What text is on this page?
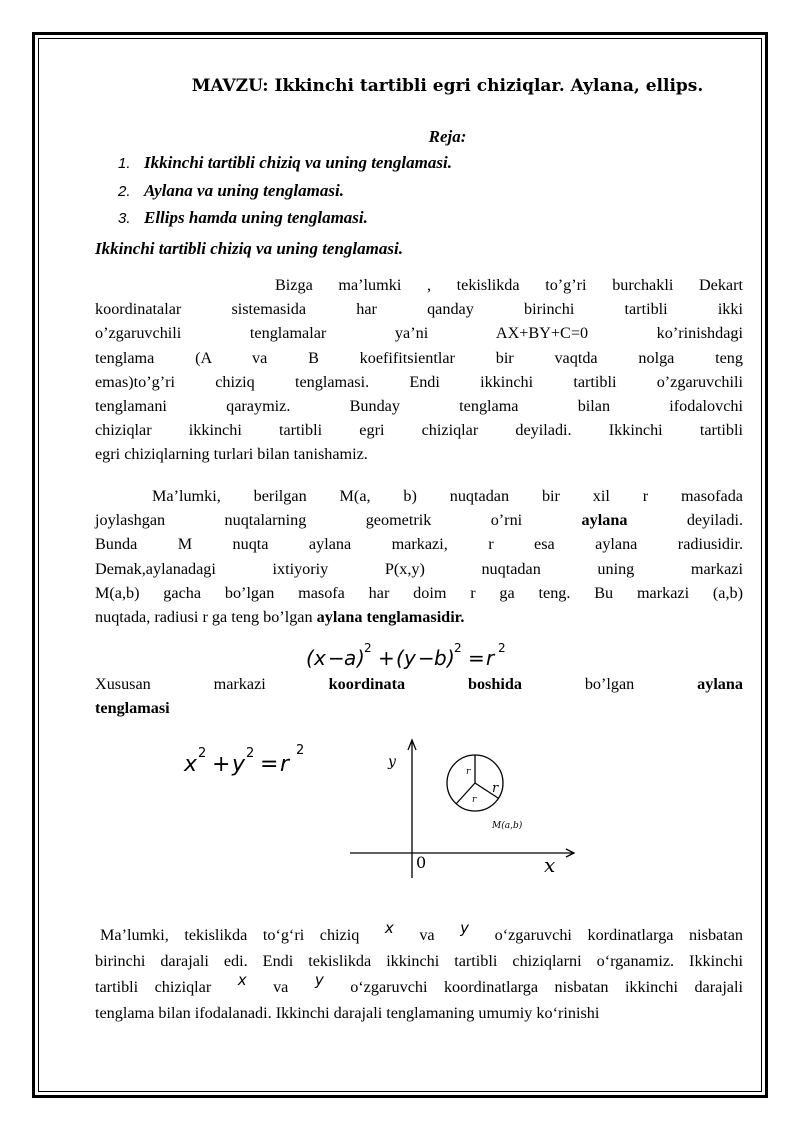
MAVZU: Ikkinchi tartibli egri chiziqlar. Aylana, ellips.
Reja:
1. Ikkinchi tartibli chiziq va uning tenglamasi.
2. Aylana va uning tenglamasi.
3. Ellips hamda uning tenglamasi.
Ikkinchi tartibli chiziq va uning tenglamasi.
Bizga ma’lumki , tekislikda to’g’ri burchakli Dekart
koordinatalar sistemasida har qanday birinchi tartibli ikki
o’zgaruvchili tenglamalar ya’ni AX+BY+C=0 ko’rinishdagi
tenglama (A va B koefifitsientlar bir vaqtda nolga teng
emas)to’g’ri chiziq tenglamasi. Endi ikkinchi tartibli o’zgaruvchili
tenglamani qaraymiz. Bunday tenglama bilan ifodalovchi
chiziqlar ikkinchi tartibli egri chiziqlar deyiladi. Ikkinchi tartibli
egri chiziqlarning turlari bilan tanishamiz.
Ma’lumki, berilgan M(a, b) nuqtadan bir xil r masofada
joylashgan nuqtalarning geometrik o’rni	aylana	deyiladi.
Bunda M nuqta aylana markazi, r esa aylana radiusidir.
Demak,aylanadagi ixtiyoriy P(x,y) nuqtadan uning markazi
M(a,b) gacha bo’lgan masofa har doim r ga teng. Bu markazi (a,b)
nuqtada, radiusi r ga teng bo’lgan aylana tenglamasidir.
( x − a ) 2 + ( y − b ) 2 = r 2
Xususan	markazi	koordinata	boshida	bo’lgan	aylana
tenglamasi
x 2 + y 2 = r
2
y
x
0
r
r
r
M(a,b)
Ma’lumki, tekislikda to‘g‘ri chiziq x va y o‘zgaruvchi kordinatlarga nisbatan
birinchi darajali edi. Endi tekislikda ikkinchi tartibli chiziqlarni o‘rganamiz. Ikkinchi
tartibli chiziqlar x va y o‘zgaruvchi koordinatlarga nisbatan ikkinchi darajali
tenglama bilan ifodalanadi. Ikkinchi darajali tenglamaning umumiy ko‘rinishi
